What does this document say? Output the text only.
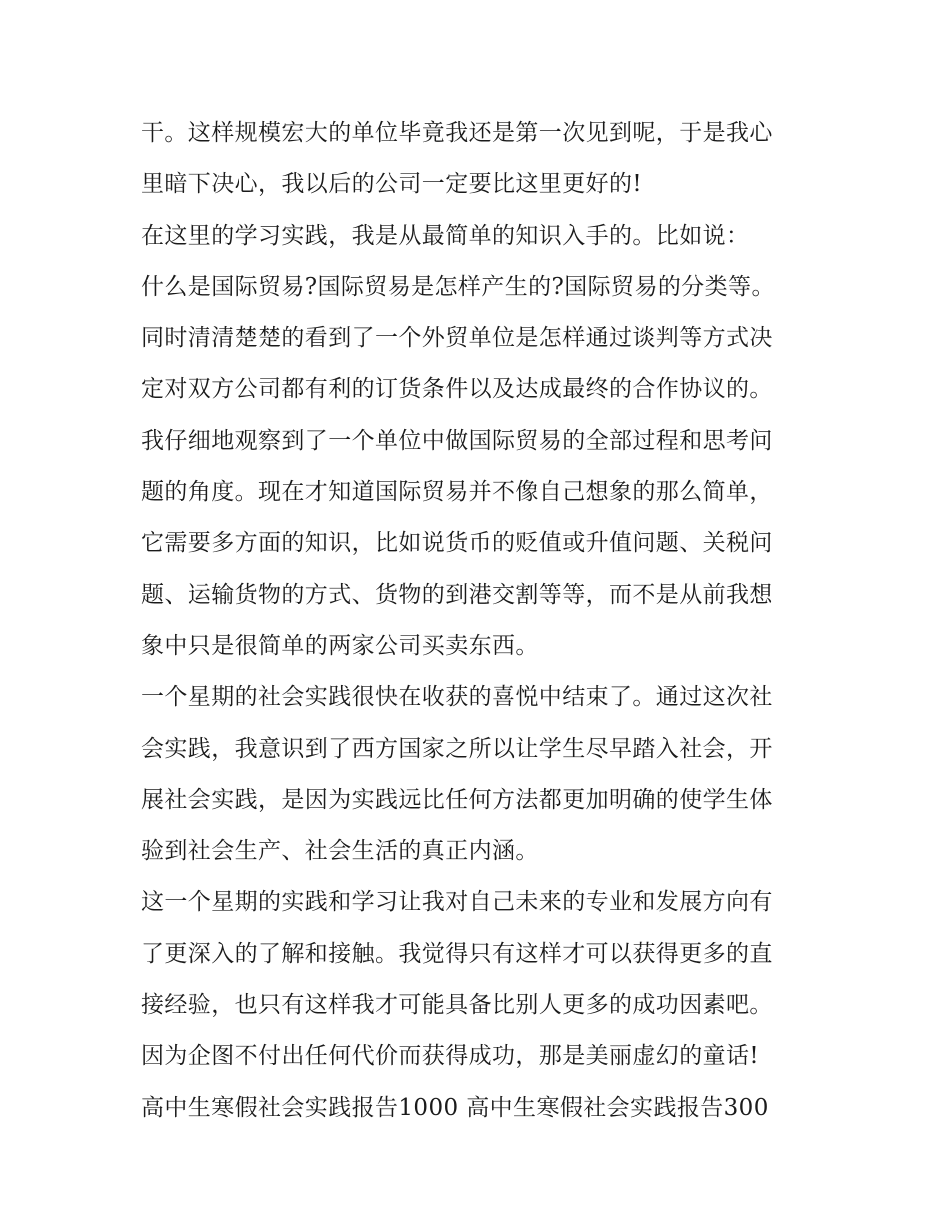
干。这样规模宏大的单位毕竟我还是第一次见到呢，于是我心
里暗下决心，我以后的公司一定要比这里更好的!
在这里的学习实践，我是从最简单的知识入手的。比如说：
什么是国际贸易?国际贸易是怎样产生的?国际贸易的分类等。
同时清清楚楚的看到了一个外贸单位是怎样通过谈判等方式决
定对双方公司都有利的订货条件以及达成最终的合作协议的。
我仔细地观察到了一个单位中做国际贸易的全部过程和思考问
题的角度。现在才知道国际贸易并不像自己想象的那么简单，
它需要多方面的知识，比如说货币的贬值或升值问题、关税问
题、运输货物的方式、货物的到港交割等等，而不是从前我想
象中只是很简单的两家公司买卖东西。
一个星期的社会实践很快在收获的喜悦中结束了。通过这次社
会实践，我意识到了西方国家之所以让学生尽早踏入社会，开
展社会实践，是因为实践远比任何方法都更加明确的使学生体
验到社会生产、社会生活的真正内涵。
这一个星期的实践和学习让我对自己未来的专业和发展方向有
了更深入的了解和接触。我觉得只有这样才可以获得更多的直
接经验，也只有这样我才可能具备比别人更多的成功因素吧。
因为企图不付出任何代价而获得成功，那是美丽虚幻的童话!
高中生寒假社会实践报告1000 高中生寒假社会实践报告300
